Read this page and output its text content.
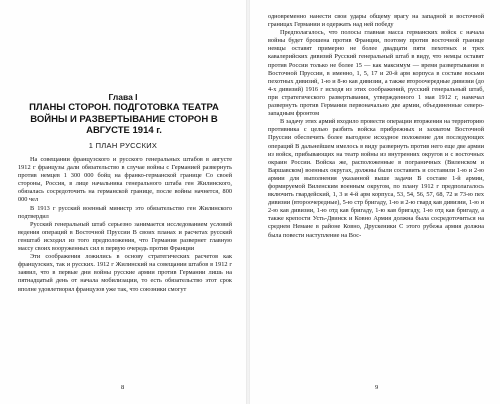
Глава I
ПЛАНЫ СТОРОН. ПОДГОТОВКА ТЕАТРА ВОЙНЫ И РАЗВЕРТЫВАНИЕ СТОРОН В АВГУСТЕ 1914 г.
1 ПЛАН РУССКИХ

На совещании французского и русского генеральных штабов в августе 1912 г французы дали обязательство в случае войны с Германией развернуть против немцев 1 300 000 бойц на франко-германской границе Со своей стороны, Россия, в лице начальника генерального штаба ген Жилинского, обязалась сосредоточить на германской границе, после войны начнется, 800 000 чел

В 1913 г русский военный министр это обязательство ген Жилинского подтвердил

Русский генеральный штаб серьезно занимается исследованием условий ведения операций в Восточной Пруссии В своих планах и расчетах русский генштаб исходил из того предположения, что Германия развернет главную массу своих вооруженных сил в первую очередь против Франции

Эти соображения ложились в основу стратегических расчетов как французских, так и русских. 1912 г Жилинский на совещании штабов в 1912 г заявил, что в первые дни войны русские армии против Германии лишь на пятнадцатый день от начала мобилизации, то есть обязательство этот срок вполне удовлетворял французов уже так, что союзники смогут

8

одновременно нанести свои удары общему врагу на западной и восточной границах Германии и одержать над ней победу

Предполагалось, что полосы главная масса германских войск с начала войны будет брошена против Франции, поэтому против восточной границе немцы оставят примерно не более двадцати пяти пехотных и трех кавалерийских дивизий Русский генеральный штаб в виду, что немцы оставят против России только не более 15 — как максимум — время развертывания в Восточной Пруссии, в именно, 1, 5, 17 и 20-й арм корпуса в составе восьми пехотных дивизий, 1-ю и 8-ю кав дивизии, а также второочередные дивизии (до 4-х дивизий) 1916 г исходя из этих соображений, русский генеральный штаб, при стратегического развертывания, утвержденного 1 мая 1912 г, намечал развернуть против Германии первоначально две армии, объединенные северо-западным фронтом

В задачу этих армий входило провести операции вторжения на территорию противника с целью разбить войска прибрежных и захватом Восточной Пруссии обеспечить более выгодное исходное положение для последующих операций В дальнейшем имелось в виду развернуть против него еще две армии из войск, прибывающих на театр войны из внутренних округов и с восточных окраин России. Войска же, расположенные в пограничных (Виленском и Варшавском) военных округах, должны были составить и составили 1-ю и 2-ю армии для выполнения указанной выше задачи В составе 1-й армии, формируемой Виленским военным округом, по плану 1912 г предполагалось включить гвардейский, 1, 3 и 4-й арм корпуса, 53, 54, 56, 57, 68, 72 и 73-ю пех дивизии (второочередные), 5-ю стр бригаду, 1-ю и 2-ю гвард кав дивизии, 1-ю и 2-ю кав дивизии, 1-ю отд кав бригаду, 1-ю кав бригаду, 1-ю отд кав бригаду, а также крепости Усть-Двинск и Ковно Армия должна была сосредоточиться на среднем Немане в районе Ковно, Друскеники С этого рубежа армия должна была повести наступление на Вос-

9
